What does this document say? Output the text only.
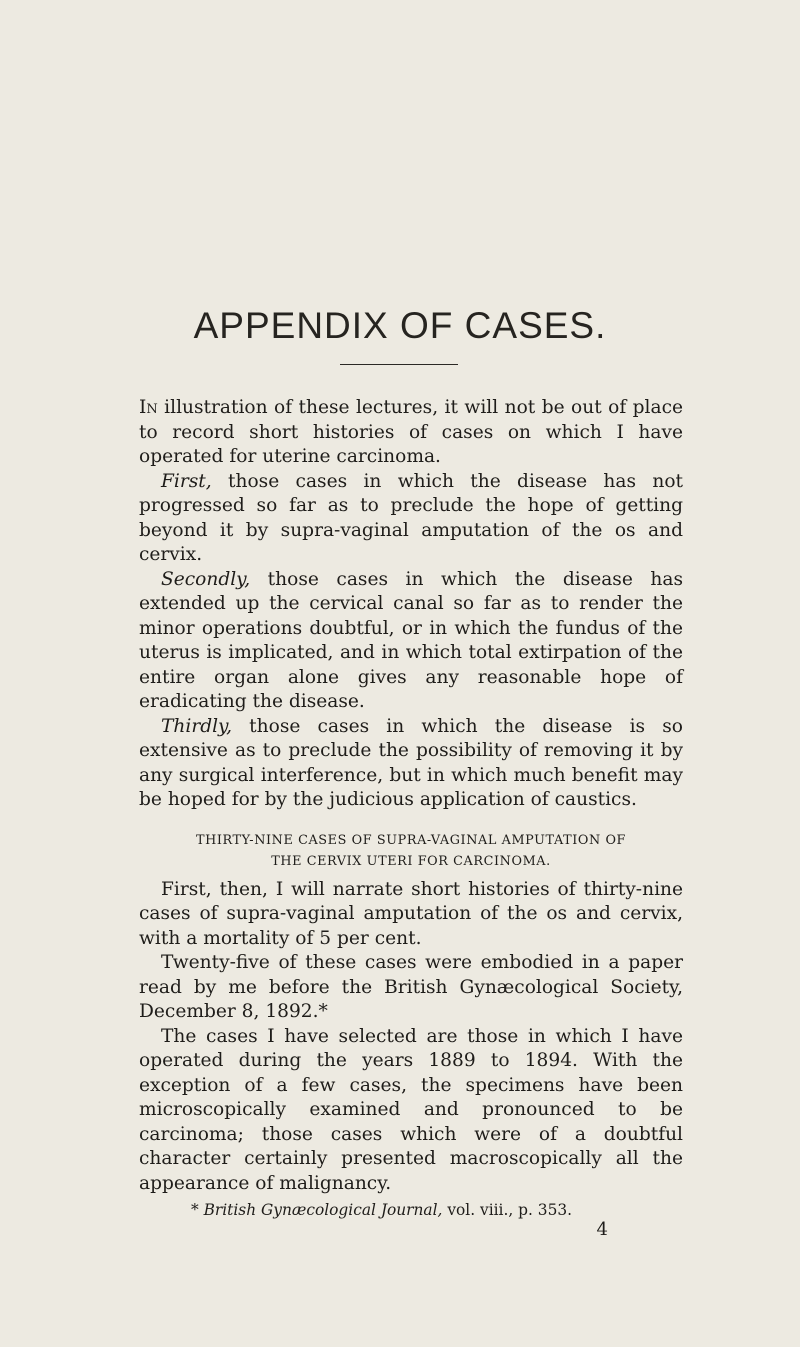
APPENDIX OF CASES.

In illustration of these lectures, it will not be out of place to record short histories of cases on which I have operated for uterine carcinoma.

First, those cases in which the disease has not progressed so far as to preclude the hope of getting beyond it by supra-vaginal amputation of the os and cervix.

Secondly, those cases in which the disease has extended up the cervical canal so far as to render the minor operations doubtful, or in which the fundus of the uterus is implicated, and in which total extirpation of the entire organ alone gives any reasonable hope of eradicating the disease.

Thirdly, those cases in which the disease is so extensive as to preclude the possibility of removing it by any surgical interference, but in which much benefit may be hoped for by the judicious application of caustics.

THIRTY-NINE CASES OF SUPRA-VAGINAL AMPUTATION OF
THE CERVIX UTERI FOR CARCINOMA.

First, then, I will narrate short histories of thirty-nine cases of supra-vaginal amputation of the os and cervix, with a mortality of 5 per cent.

Twenty-five of these cases were embodied in a paper read by me before the British Gynæcological Society, December 8, 1892.*

The cases I have selected are those in which I have operated during the years 1889 to 1894. With the exception of a few cases, the specimens have been microscopically examined and pronounced to be carcinoma; those cases which were of a doubtful character certainly presented macroscopically all the appearance of malignancy.

* British Gynæcological Journal, vol. viii., p. 353.
4
